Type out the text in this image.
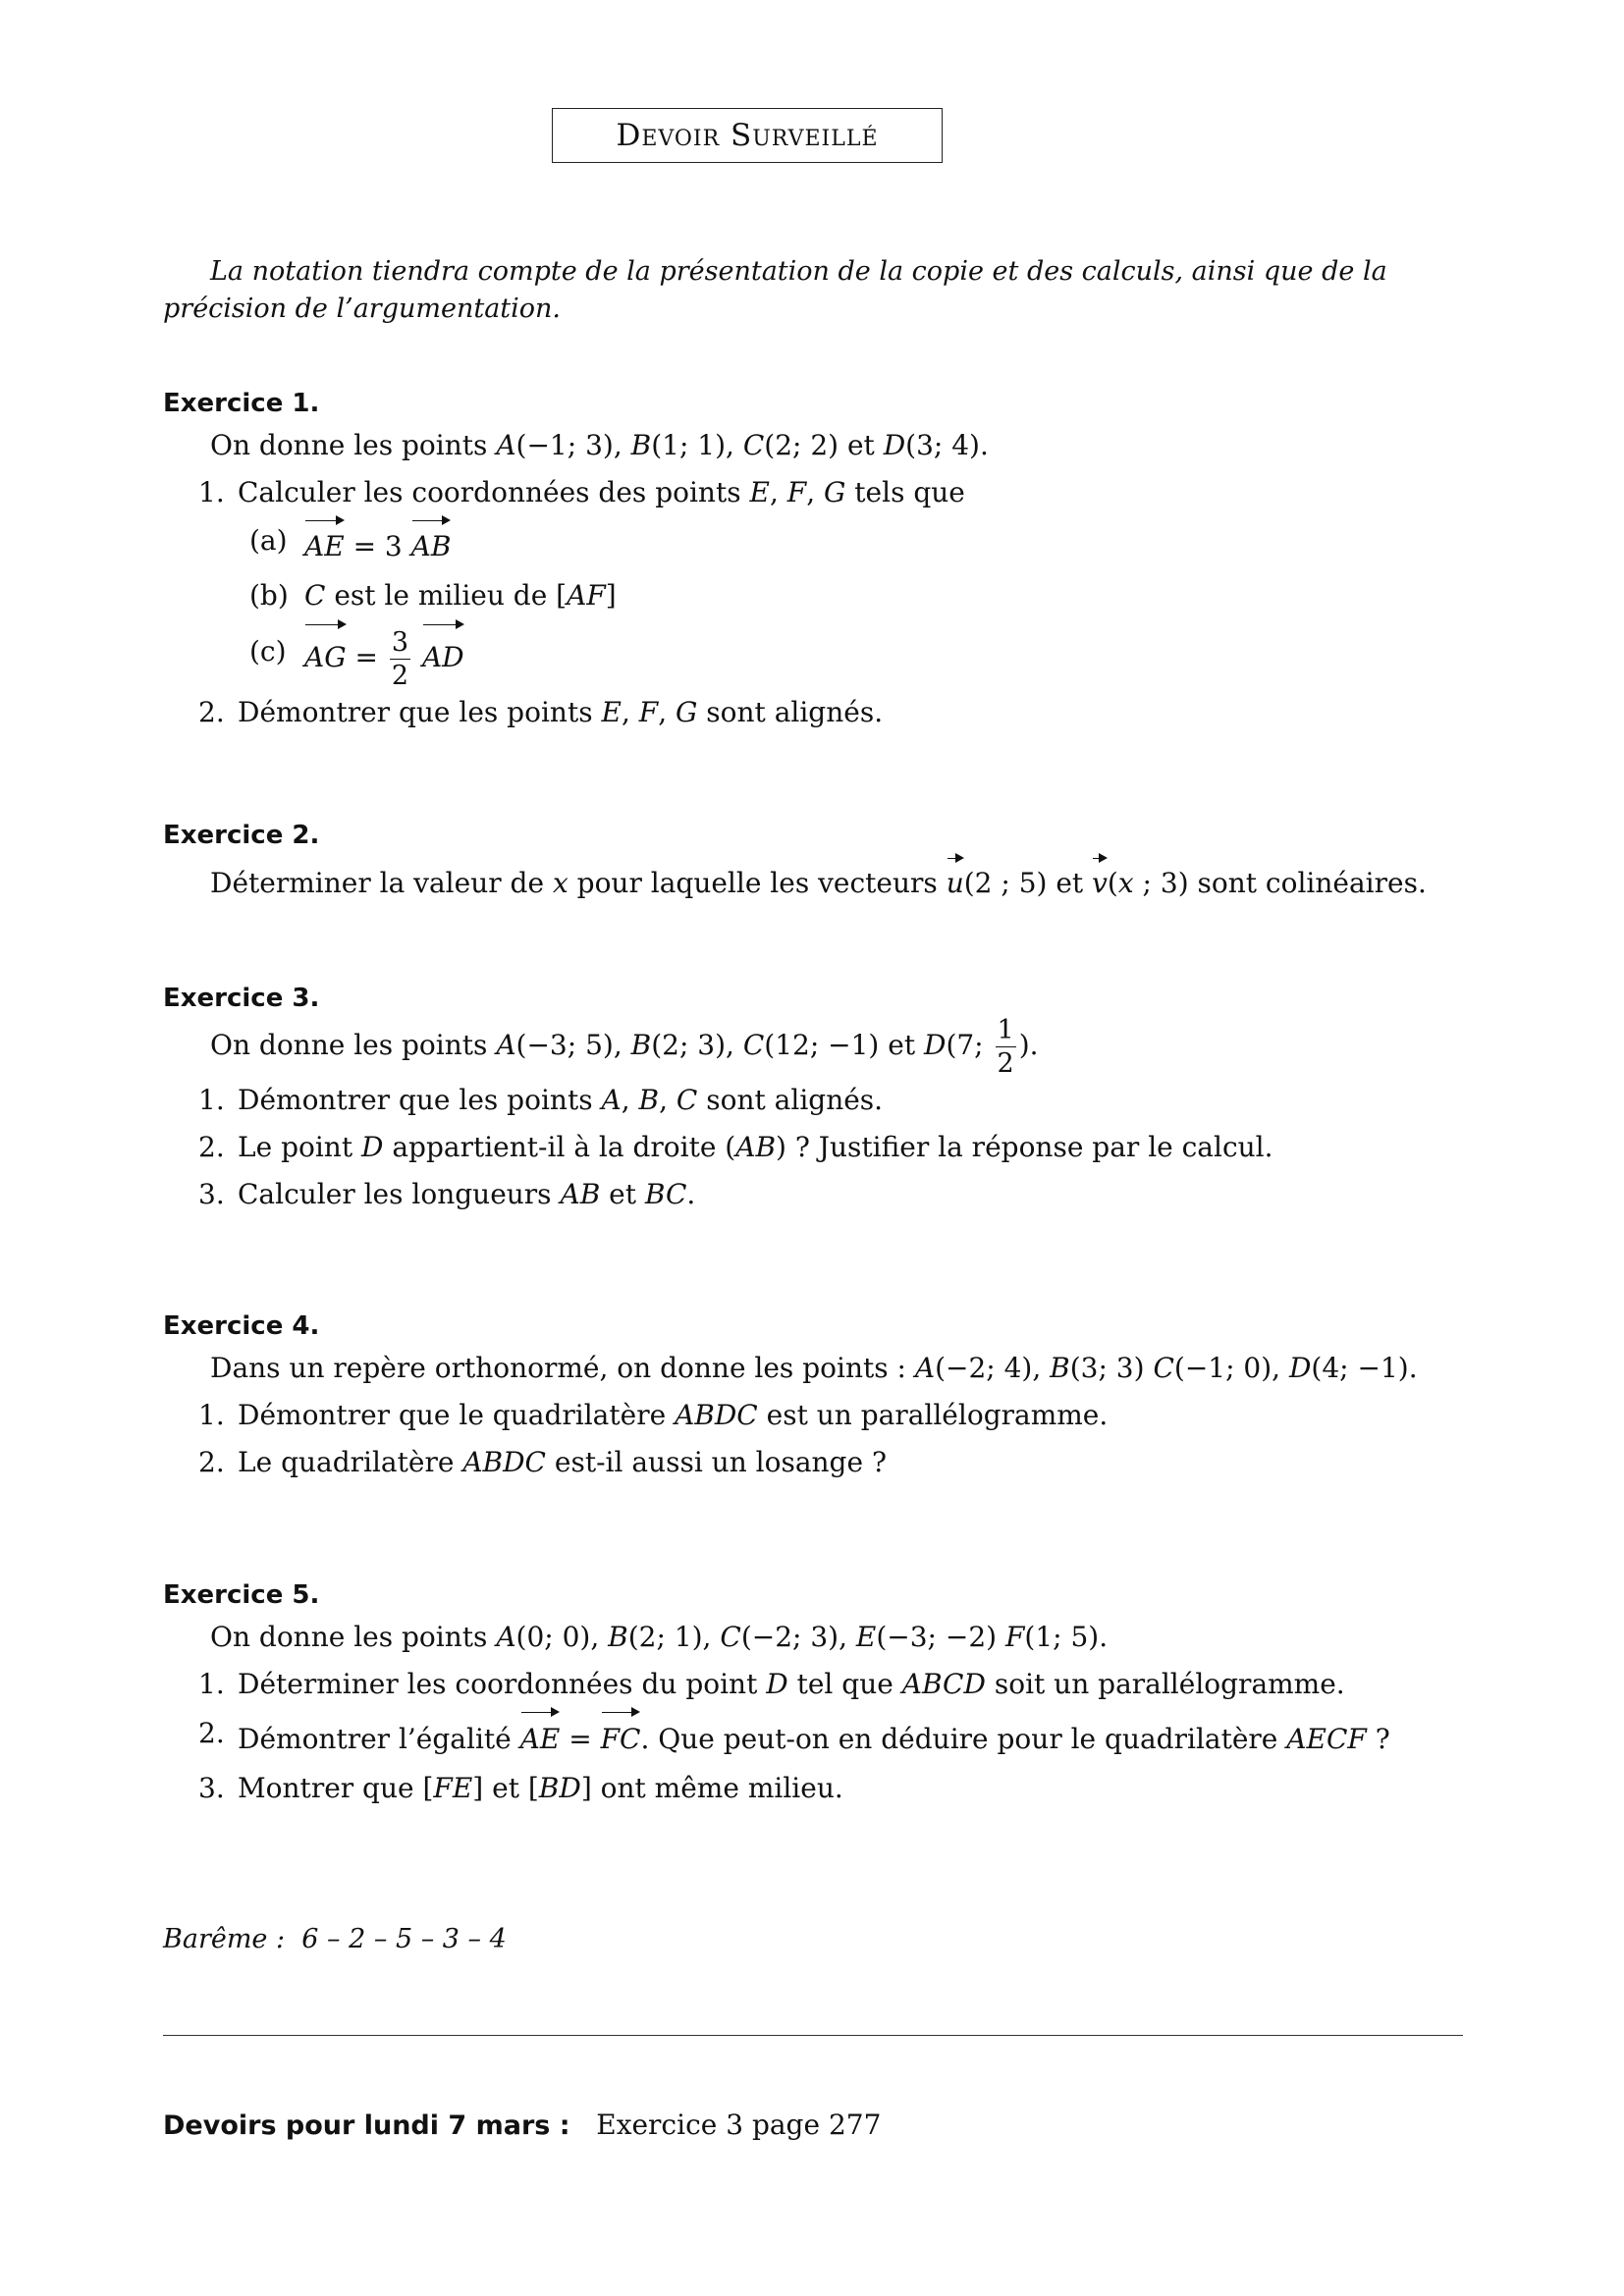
Devoir Surveillé
La notation tiendra compte de la présentation de la copie et des calculs, ainsi que de la précision de l’argumentation.
Exercice 1.
On donne les points A(−1; 3), B(1; 1), C(2; 2) et D(3; 4).
1. Calculer les coordonnées des points E, F, G tels que
(a) AE = 3 AB
(b) C est le milieu de [AF]
(c) AG = $\frac{3}{2}$ AD
2. Démontrer que les points E, F, G sont alignés.
Exercice 2.
Déterminer la valeur de x pour laquelle les vecteurs u(2 ; 5) et v(x ; 3) sont colinéaires.
Exercice 3.
On donne les points A(−3; 5), B(2; 3), C(12; −1) et D(7; $\frac{1}{2}$ ).
1. Démontrer que les points A, B, C sont alignés.
2. Le point D appartient-il à la droite (AB) ? Justifier la réponse par le calcul.
3. Calculer les longueurs AB et BC.
Exercice 4.
Dans un repère orthonormé, on donne les points : A(−2; 4), B(3; 3) C(−1; 0), D(4; −1).
1. Démontrer que le quadrilatère ABDC est un parallélogramme.
2. Le quadrilatère ABDC est-il aussi un losange ?
Exercice 5.
On donne les points A(0; 0), B(2; 1), C(−2; 3), E(−3; −2) F(1; 5).
1. Déterminer les coordonnées du point D tel que ABCD soit un parallélogramme.
2. Démontrer l’égalité AE = FC. Que peut-on en déduire pour le quadrilatère AECF ?
3. Montrer que [FE] et [BD] ont même milieu.
Barême : 6 – 2 – 5 – 3 – 4
Devoirs pour lundi 7 mars : Exercice 3 page 277
